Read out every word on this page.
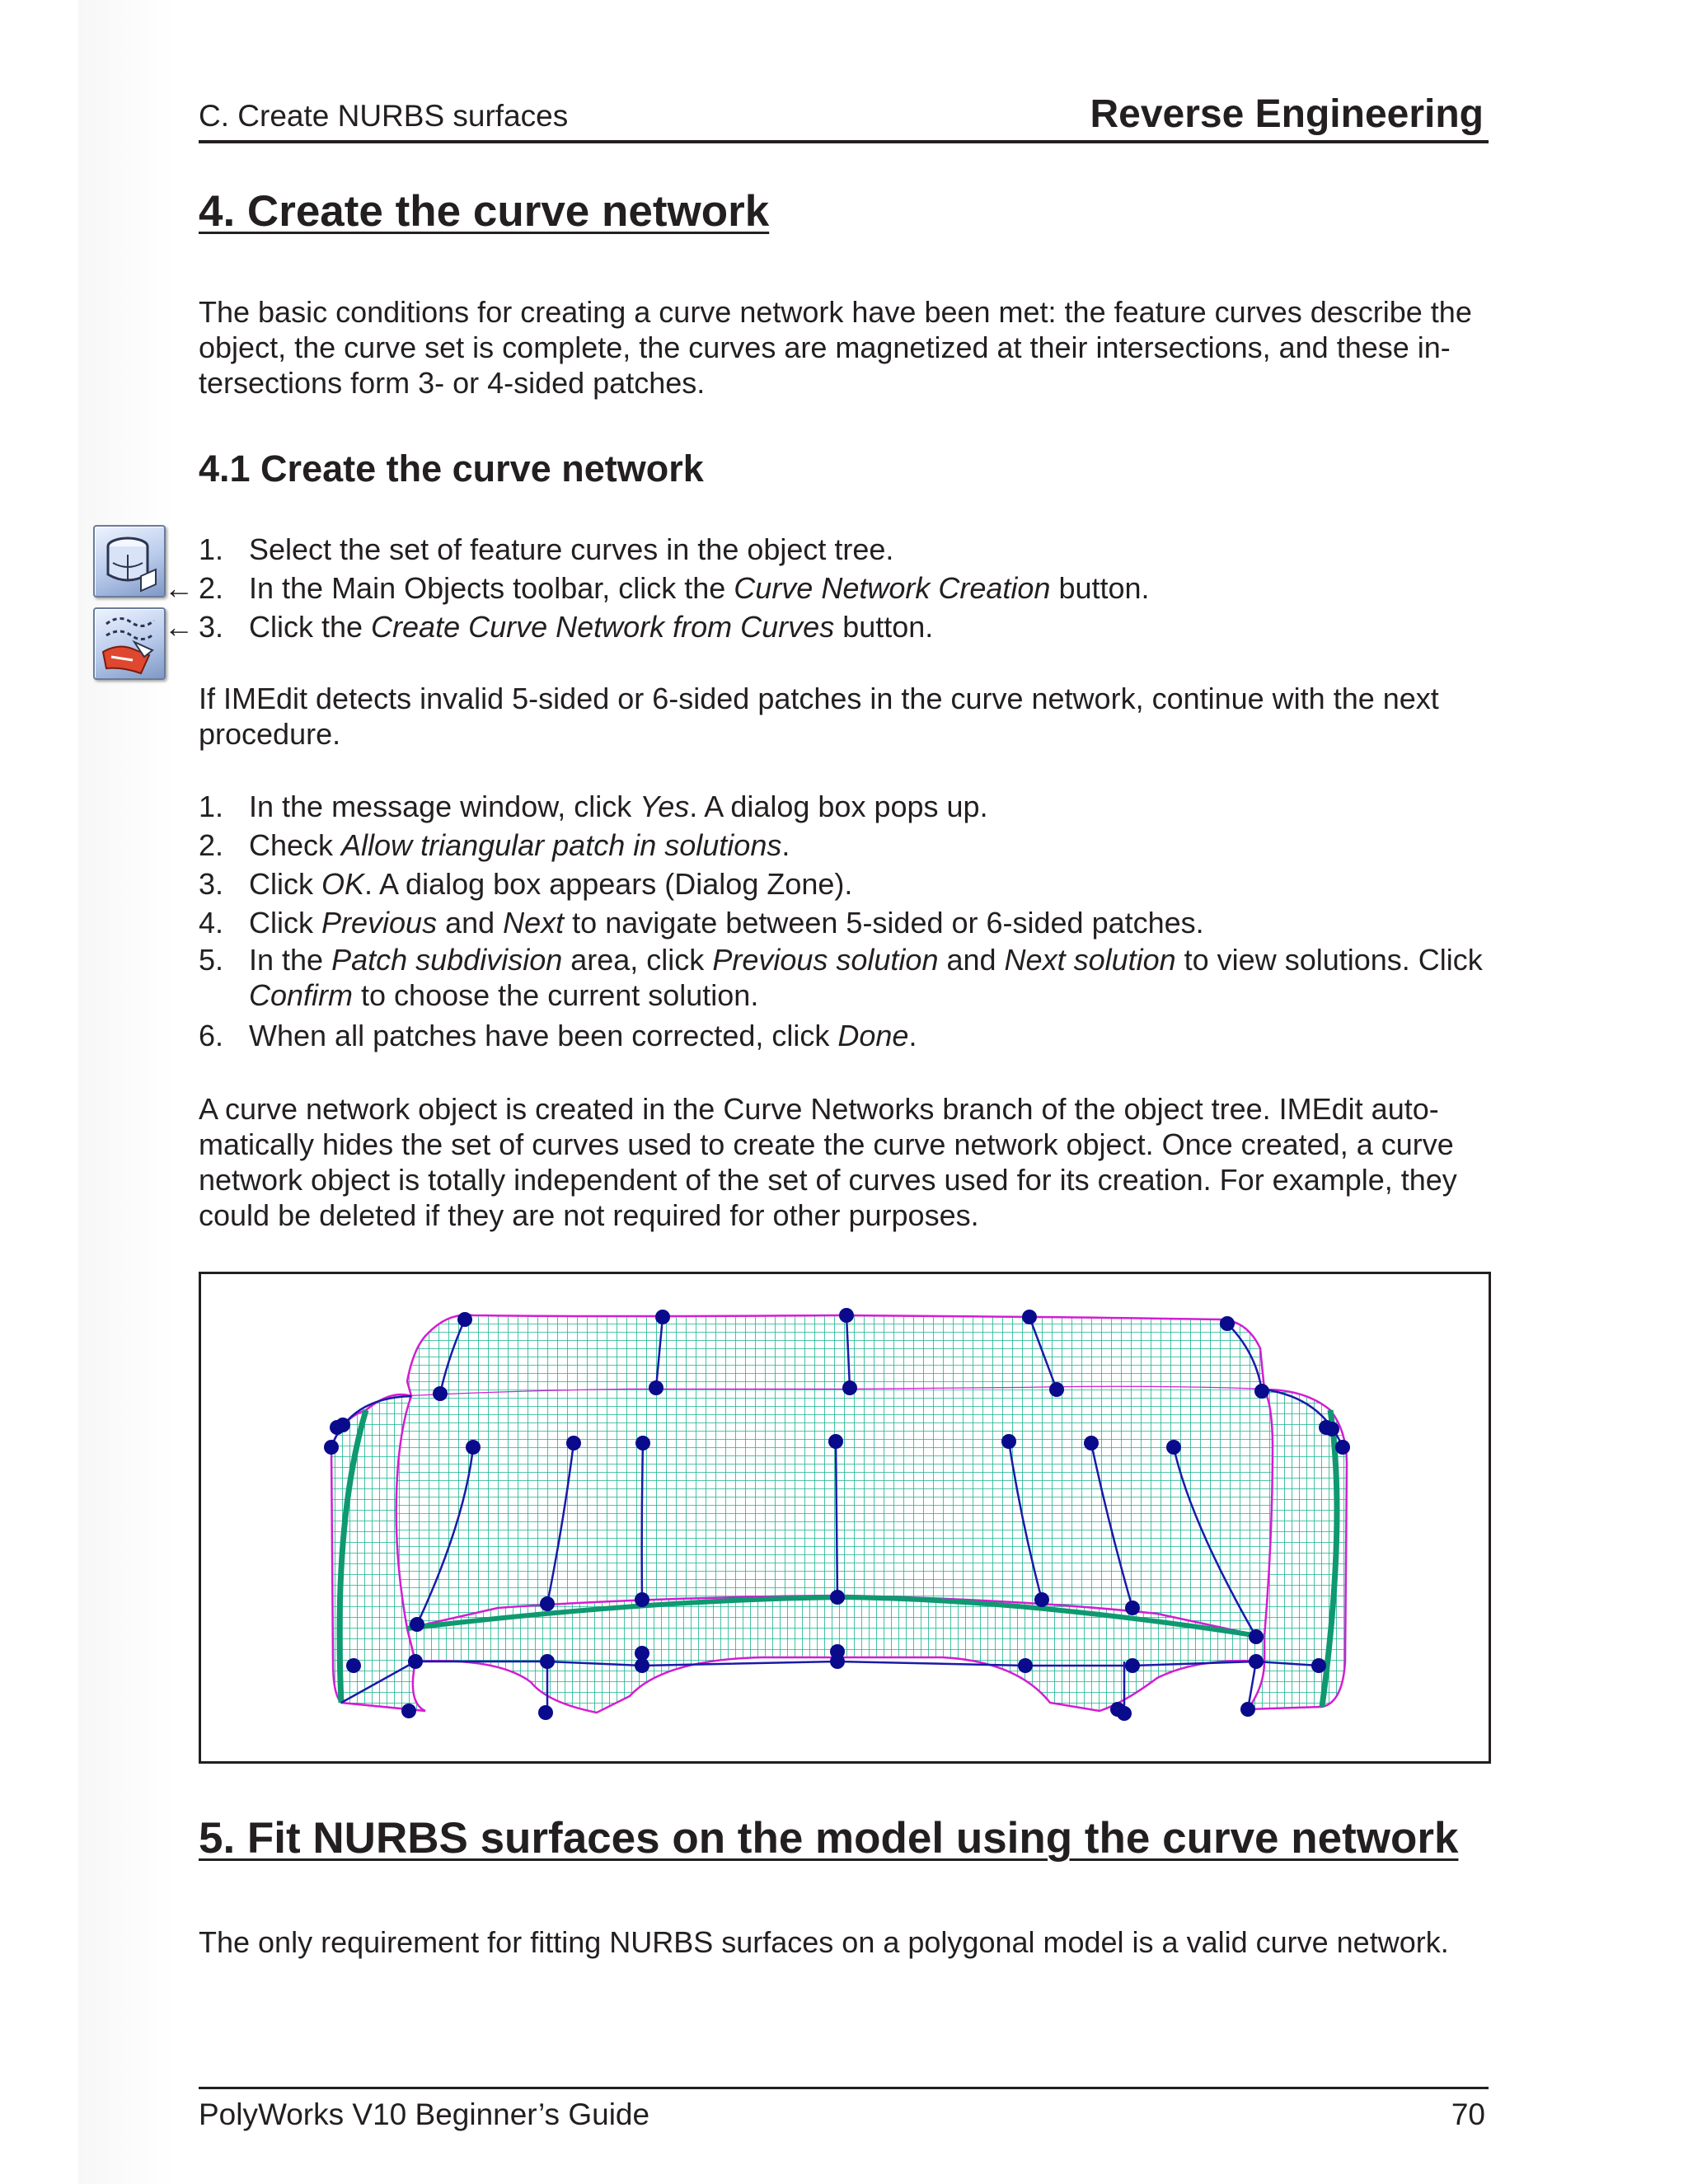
C. Create NURBS surfaces	Reverse Engineering
4. Create the curve network

The basic conditions for creating a curve network have been met: the feature curves describe the object, the curve set is complete, the curves are magnetized at their intersections, and these in-tersections form 3- or 4-sided patches.

4.1 Create the curve network
←
←
1. Select the set of feature curves in the object tree.
2. In the Main Objects toolbar, click the Curve Network Creation button.
3. Click the Create Curve Network from Curves button.

If IMEdit detects invalid 5-sided or 6-sided patches in the curve network, continue with the next procedure.

1. In the message window, click Yes. A dialog box pops up.
2. Check Allow triangular patch in solutions.
3. Click OK. A dialog box appears (Dialog Zone).
4. Click Previous and Next to navigate between 5-sided or 6-sided patches.
5. In the Patch subdivision area, click Previous solution and Next solution to view solutions. Click Confirm to choose the current solution.
6. When all patches have been corrected, click Done.

A curve network object is created in the Curve Networks branch of the object tree. IMEdit auto-matically hides the set of curves used to create the curve network object. Once created, a curve network object is totally independent of the set of curves used for its creation. For example, they could be deleted if they are not required for other purposes.

5. Fit NURBS surfaces on the model using the curve network

The only requirement for fitting NURBS surfaces on a polygonal model is a valid curve network.

PolyWorks V10 Beginner’s Guide	70
